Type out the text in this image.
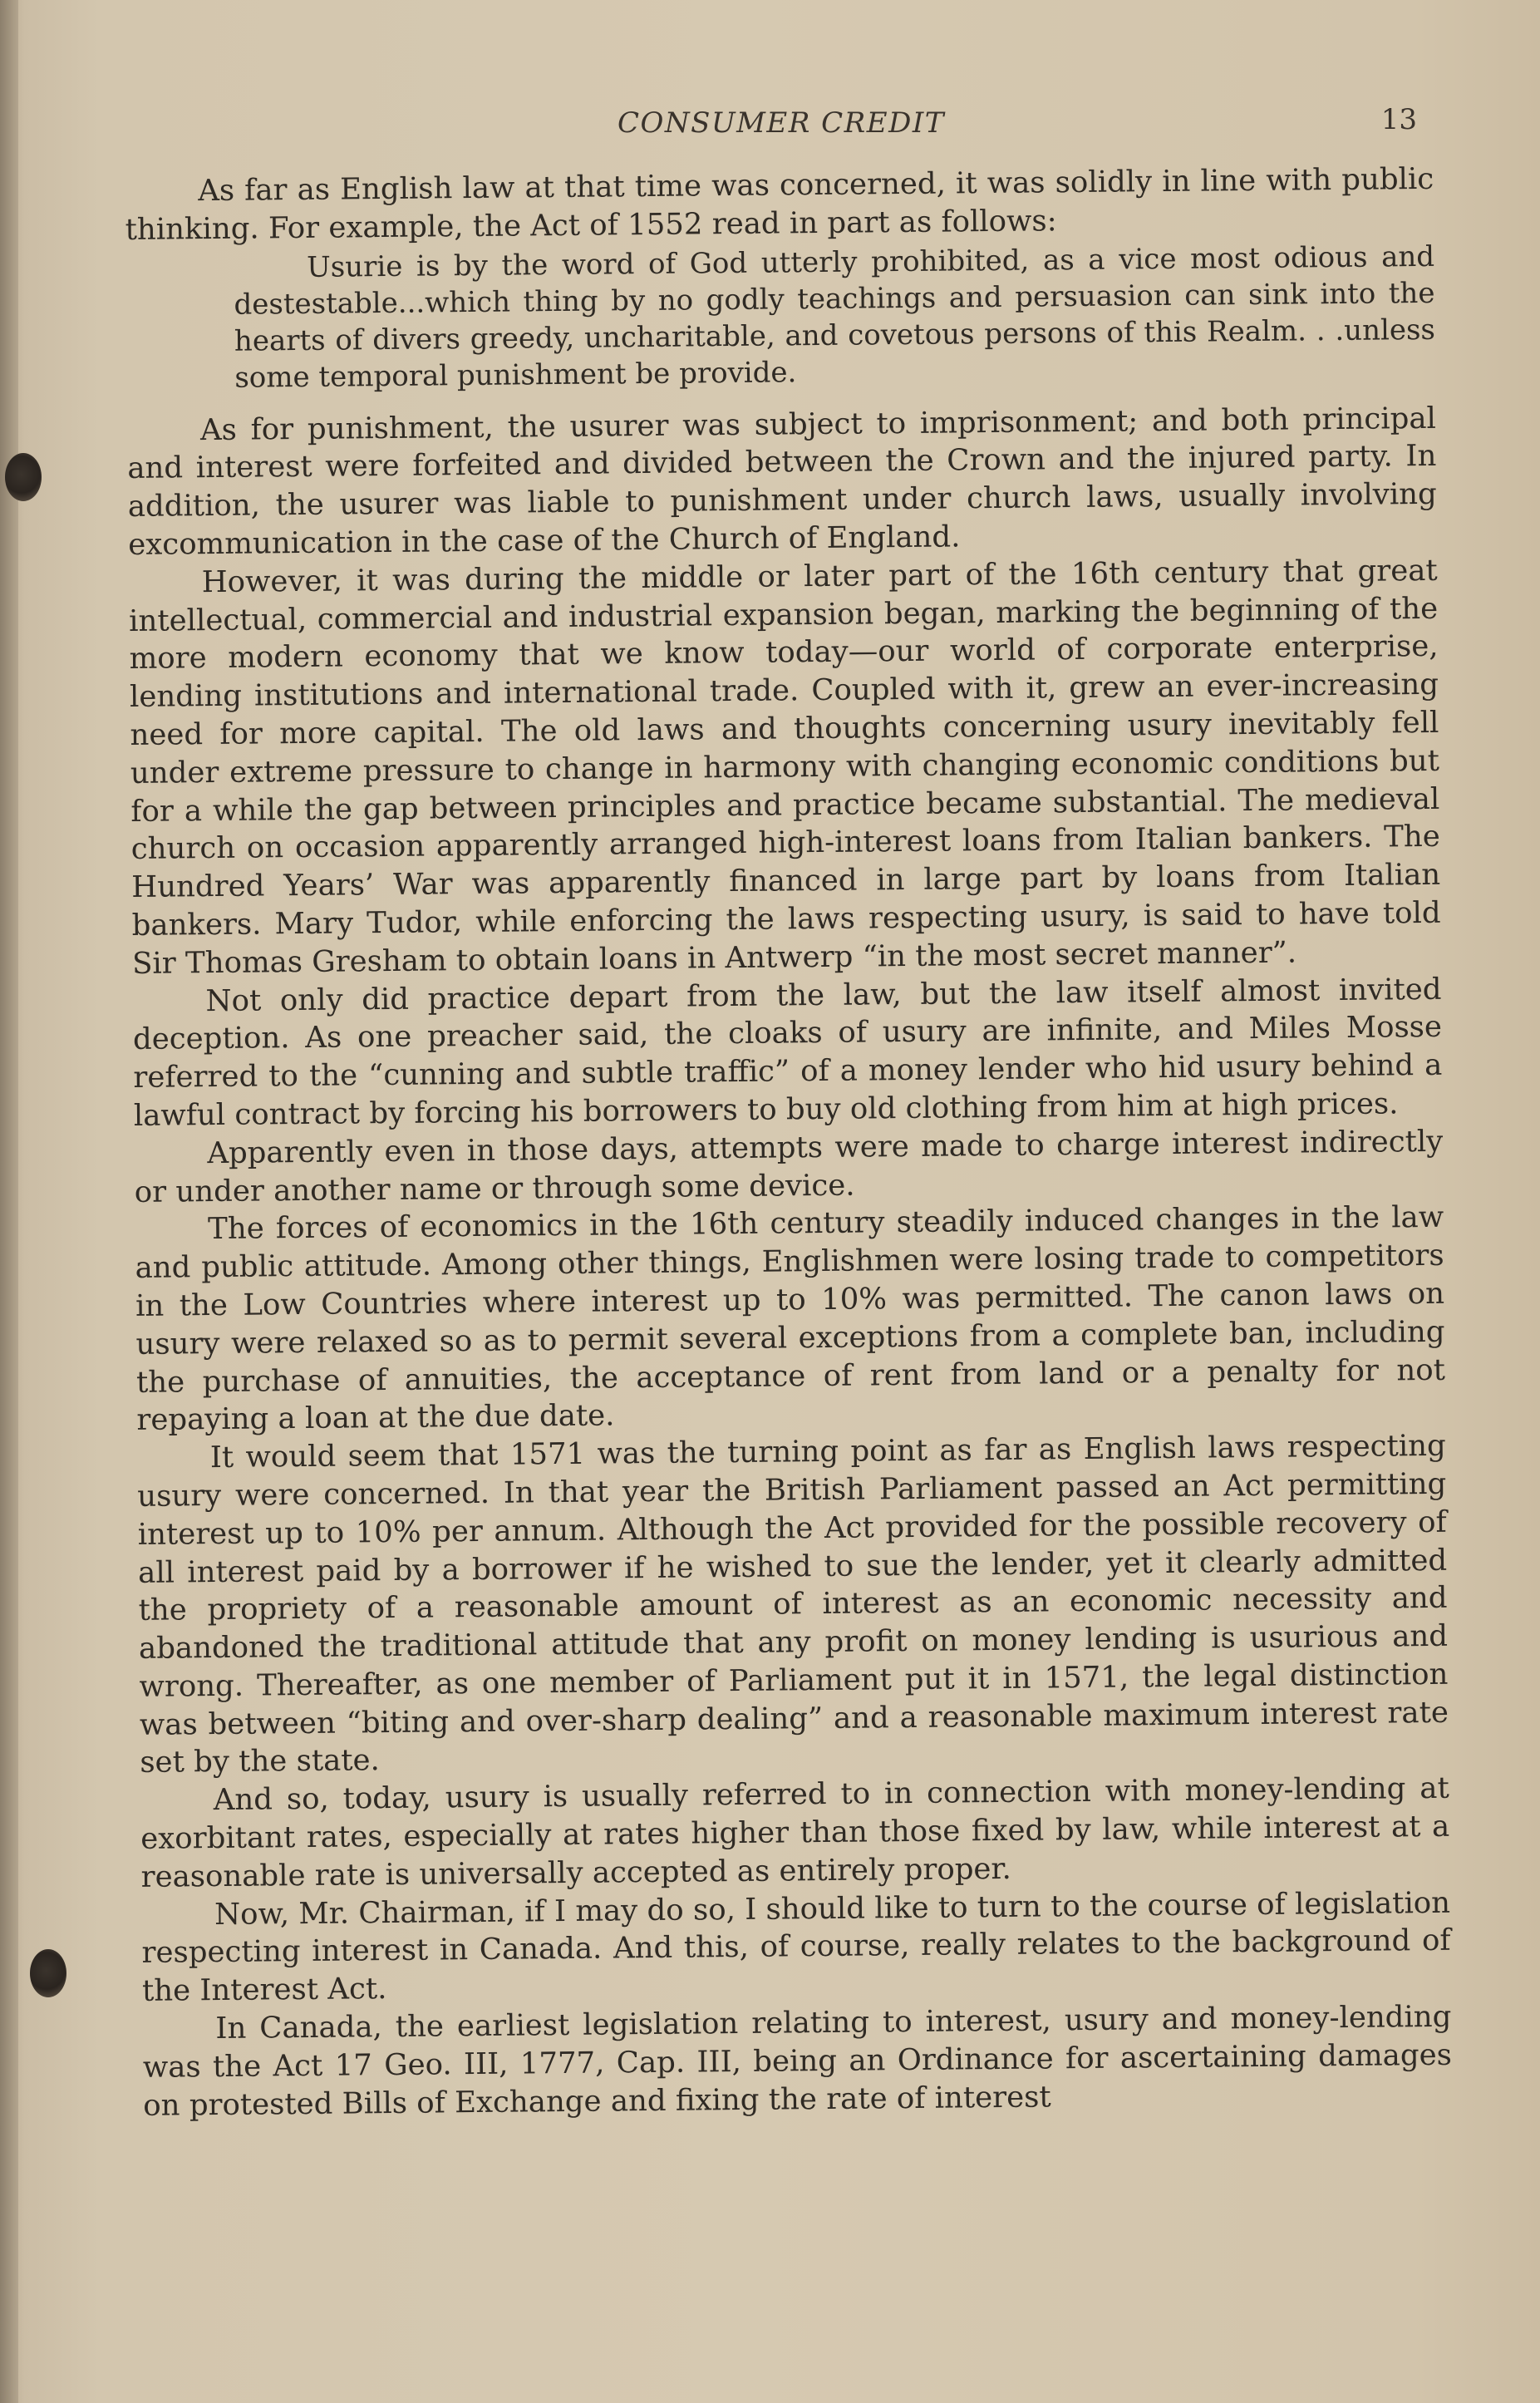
CONSUMER CREDIT	13

As far as English law at that time was concerned, it was solidly in line with public thinking. For example, the Act of 1552 read in part as follows:

Usurie is by the word of God utterly prohibited, as a vice most odious and destestable...which thing by no godly teachings and persuasion can sink into the hearts of divers greedy, uncharitable, and covetous persons of this Realm. . .unless some temporal punishment be provide.

As for punishment, the usurer was subject to imprisonment; and both principal and interest were forfeited and divided between the Crown and the injured party. In addition, the usurer was liable to punishment under church laws, usually involving excommunication in the case of the Church of England.

However, it was during the middle or later part of the 16th century that great intellectual, commercial and industrial expansion began, marking the beginning of the more modern economy that we know today—our world of corporate enterprise, lending institutions and international trade. Coupled with it, grew an ever-increasing need for more capital. The old laws and thoughts concerning usury inevitably fell under extreme pressure to change in harmony with changing economic conditions but for a while the gap between principles and practice became substantial. The medieval church on occasion apparently arranged high-interest loans from Italian bankers. The Hundred Years’ War was apparently financed in large part by loans from Italian bankers. Mary Tudor, while enforcing the laws respecting usury, is said to have told Sir Thomas Gresham to obtain loans in Antwerp “in the most secret manner”.

Not only did practice depart from the law, but the law itself almost invited deception. As one preacher said, the cloaks of usury are infinite, and Miles Mosse referred to the “cunning and subtle traffic” of a money lender who hid usury behind a lawful contract by forcing his borrowers to buy old clothing from him at high prices.

Apparently even in those days, attempts were made to charge interest indirectly or under another name or through some device.

The forces of economics in the 16th century steadily induced changes in the law and public attitude. Among other things, Englishmen were losing trade to competitors in the Low Countries where interest up to 10% was permitted. The canon laws on usury were relaxed so as to permit several exceptions from a complete ban, including the purchase of annuities, the acceptance of rent from land or a penalty for not repaying a loan at the due date.

It would seem that 1571 was the turning point as far as English laws respecting usury were concerned. In that year the British Parliament passed an Act permitting interest up to 10% per annum. Although the Act provided for the possible recovery of all interest paid by a borrower if he wished to sue the lender, yet it clearly admitted the propriety of a reasonable amount of interest as an economic necessity and abandoned the traditional attitude that any profit on money lending is usurious and wrong. Thereafter, as one member of Parliament put it in 1571, the legal distinction was between “biting and over-sharp dealing” and a reasonable maximum interest rate set by the state.

And so, today, usury is usually referred to in connection with money-lending at exorbitant rates, especially at rates higher than those fixed by law, while interest at a reasonable rate is universally accepted as entirely proper.

Now, Mr. Chairman, if I may do so, I should like to turn to the course of legislation respecting interest in Canada. And this, of course, really relates to the background of the Interest Act.

In Canada, the earliest legislation relating to interest, usury and money-lending was the Act 17 Geo. III, 1777, Cap. III, being an Ordinance for ascertaining damages on protested Bills of Exchange and fixing the rate of interest
